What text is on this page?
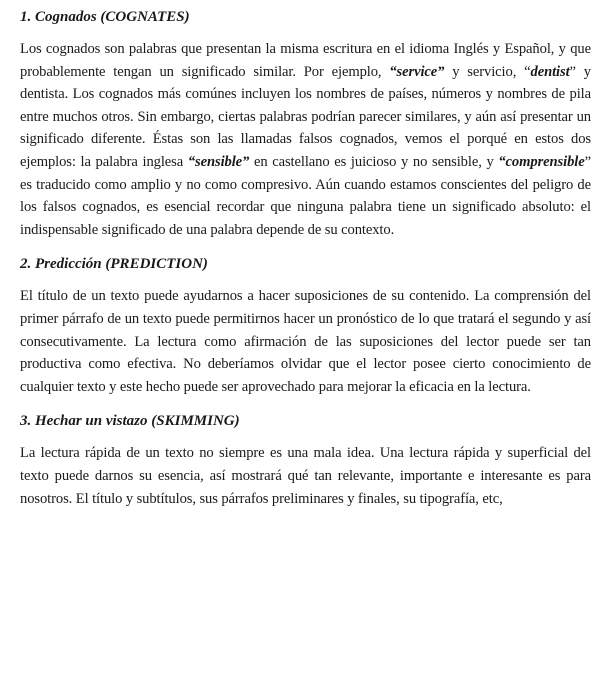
1. Cognados (COGNATES)

Los cognados son palabras que presentan la misma escritura en el idioma Inglés y Español, y que probablemente tengan un significado similar. Por ejemplo, “service” y servicio, “dentist” y dentista. Los cognados más comúnes incluyen los nombres de países, números y nombres de pila entre muchos otros. Sin embargo, ciertas palabras podrían parecer similares, y aún así presentar un significado diferente. Éstas son las llamadas falsos cognados, vemos el porqué en estos dos ejemplos: la palabra inglesa “sensible” en castellano es juicioso y no sensible, y “comprensible” es traducido como amplio y no como compresivo. Aún cuando estamos conscientes del peligro de los falsos cognados, es esencial recordar que ninguna palabra tiene un significado absoluto: el indispensable significado de una palabra depende de su contexto.

2. Predicción (PREDICTION)

El título de un texto puede ayudarnos a hacer suposiciones de su contenido. La comprensión del primer párrafo de un texto puede permitirnos hacer un pronóstico de lo que tratará el segundo y así consecutivamente. La lectura como afirmación de las suposiciones del lector puede ser tan productiva como efectiva. No deberíamos olvidar que el lector posee cierto conocimiento de cualquier texto y este hecho puede ser aprovechado para mejorar la eficacia en la lectura.

3. Hechar un vistazo (SKIMMING)

La lectura rápida de un texto no siempre es una mala idea. Una lectura rápida y superficial del texto puede darnos su esencia, así mostrará qué tan relevante, importante e interesante es para nosotros. El título y subtítulos, sus párrafos preliminares y finales, su tipografía, etc,
